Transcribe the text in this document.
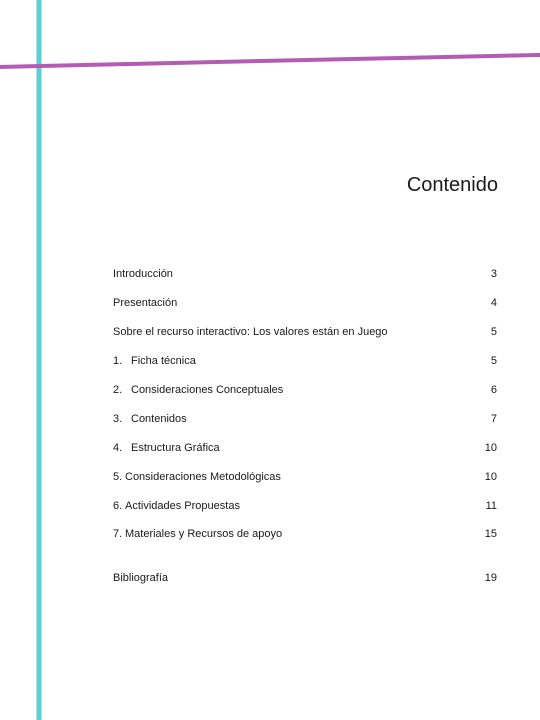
Contenido
Introducción	3
Presentación	4
Sobre el recurso interactivo: Los valores están en Juego	5
1. Ficha técnica	5
2. Consideraciones Conceptuales	6
3. Contenidos	7
4. Estructura Gráfica	10
5. Consideraciones Metodológicas	10
6. Actividades Propuestas	11
7. Materiales y Recursos de apoyo	15
Bibliografía	19
